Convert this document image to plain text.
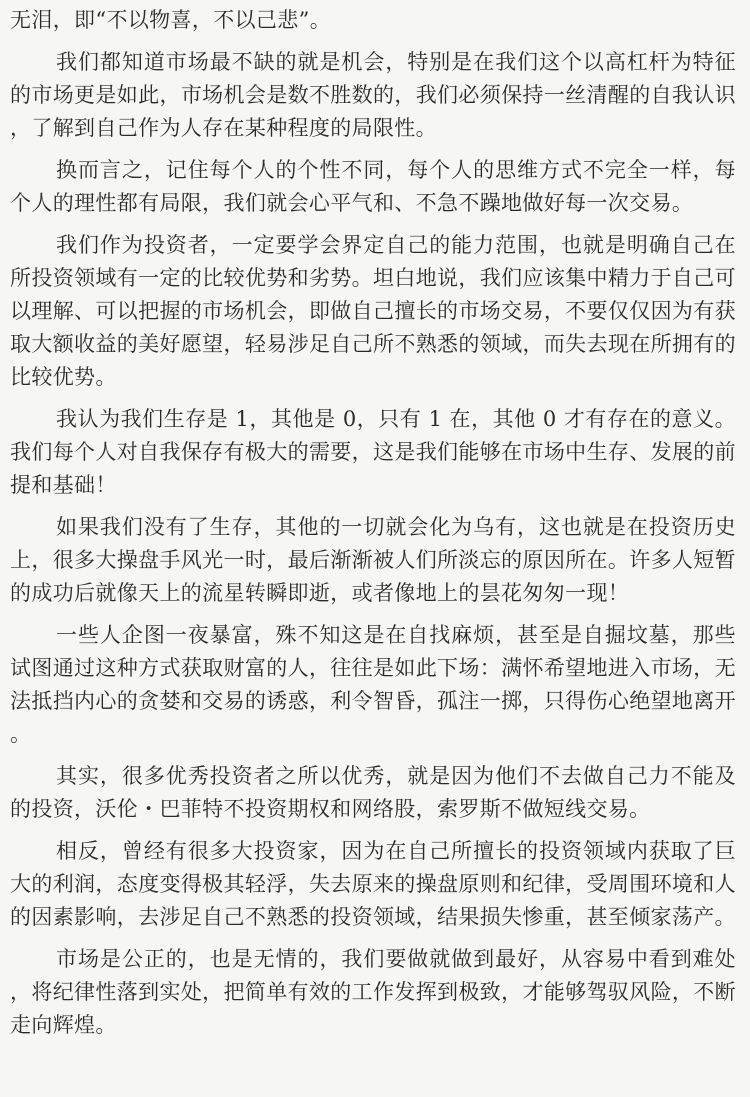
无泪，即“不以物喜，不以己悲”。

我们都知道市场最不缺的就是机会，特别是在我们这个以高杠杆为特征的市场更是如此，市场机会是数不胜数的，我们必须保持一丝清醒的自我认识，了解到自己作为人存在某种程度的局限性。

换而言之，记住每个人的个性不同，每个人的思维方式不完全一样，每个人的理性都有局限，我们就会心平气和、不急不躁地做好每一次交易。

我们作为投资者，一定要学会界定自己的能力范围，也就是明确自己在所投资领域有一定的比较优势和劣势。坦白地说，我们应该集中精力于自己可以理解、可以把握的市场机会，即做自己擅长的市场交易，不要仅仅因为有获取大额收益的美好愿望，轻易涉足自己所不熟悉的领域，而失去现在所拥有的比较优势。

我认为我们生存是 1，其他是 0，只有 1 在，其他 0 才有存在的意义。我们每个人对自我保存有极大的需要，这是我们能够在市场中生存、发展的前提和基础！

如果我们没有了生存，其他的一切就会化为乌有，这也就是在投资历史上，很多大操盘手风光一时，最后渐渐被人们所淡忘的原因所在。许多人短暂的成功后就像天上的流星转瞬即逝，或者像地上的昙花匆匆一现！

一些人企图一夜暴富，殊不知这是在自找麻烦，甚至是自掘坟墓，那些试图通过这种方式获取财富的人，往往是如此下场：满怀希望地进入市场，无法抵挡内心的贪婪和交易的诱惑，利令智昏，孤注一掷，只得伤心绝望地离开。

其实，很多优秀投资者之所以优秀，就是因为他们不去做自己力不能及的投资，沃伦・巴菲特不投资期权和网络股，索罗斯不做短线交易。

相反，曾经有很多大投资家，因为在自己所擅长的投资领域内获取了巨大的利润，态度变得极其轻浮，失去原来的操盘原则和纪律，受周围环境和人的因素影响，去涉足自己不熟悉的投资领域，结果损失惨重，甚至倾家荡产。

市场是公正的，也是无情的，我们要做就做到最好，从容易中看到难处，将纪律性落到实处，把简单有效的工作发挥到极致，才能够驾驭风险，不断走向辉煌。
